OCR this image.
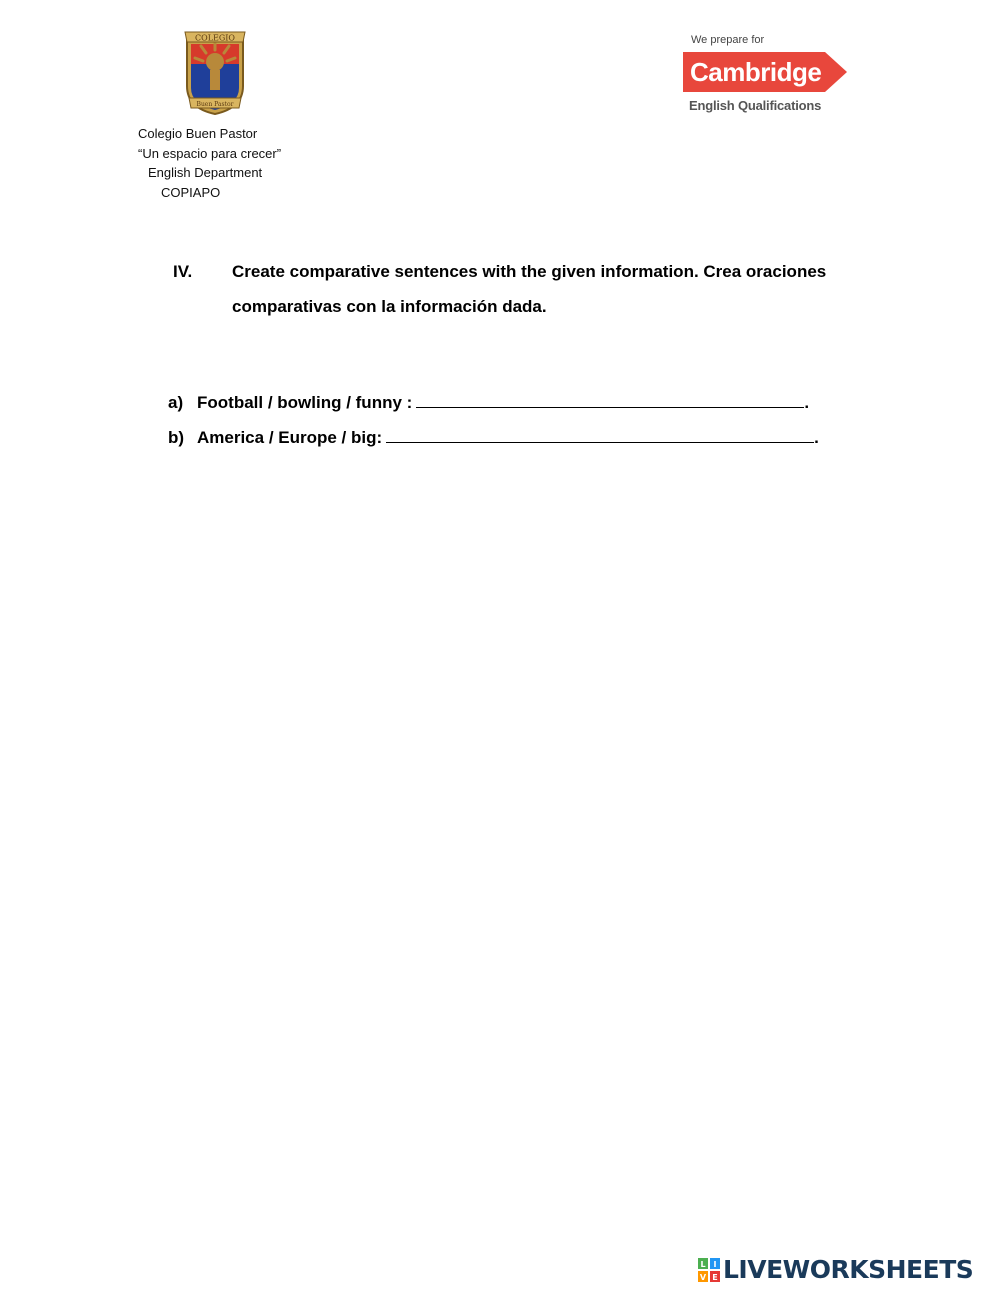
COLEGIO
Buen Pastor
Colegio Buen Pastor
“Un espacio para crecer”
English Department
COPIAPO
We prepare for
Cambridge
English Qualifications
IV. Create comparative sentences with the given information. Crea oraciones comparativas con la información dada.
a) Football / bowling / funny :	.
b) America / Europe / big:	.
L I
V E LIVEWORKSHEETS
